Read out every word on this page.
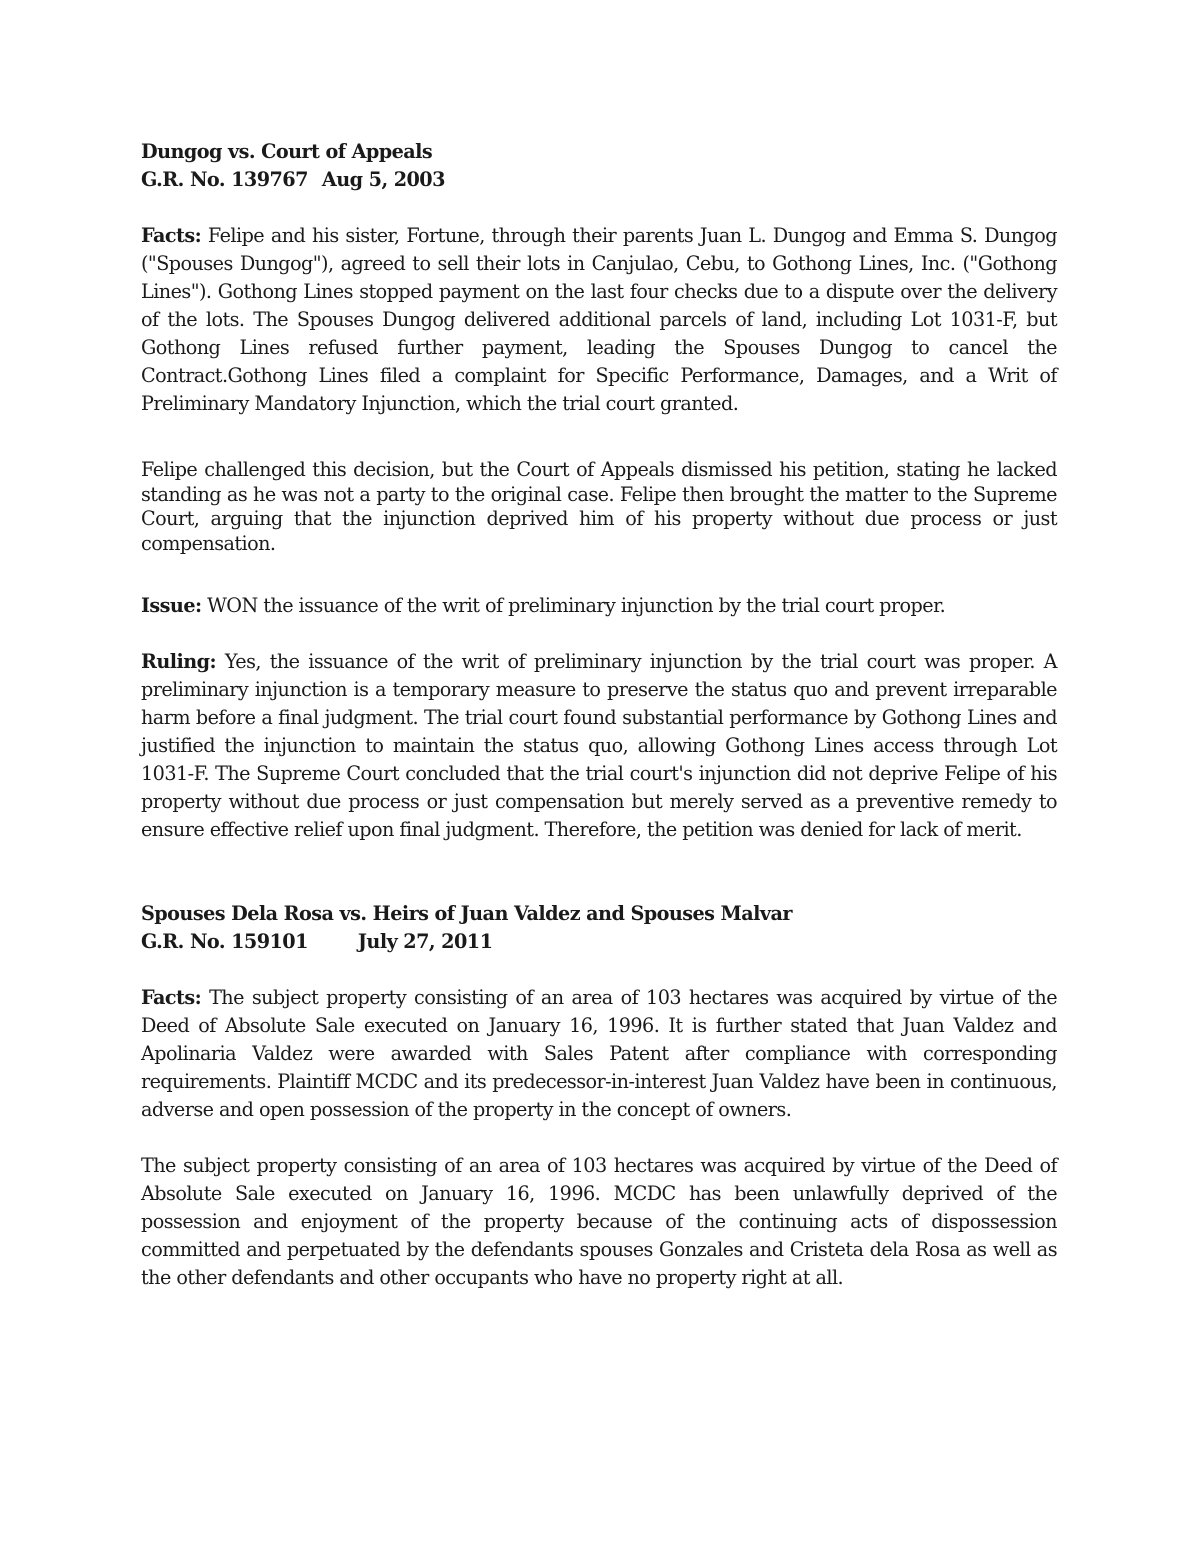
Dungog vs. Court of Appeals

G.R. No. 139767 Aug 5, 2003

Facts: Felipe and his sister, Fortune, through their parents Juan L. Dungog and Emma S. Dungog ("Spouses Dungog"), agreed to sell their lots in Canjulao, Cebu, to Gothong Lines, Inc. ("Gothong Lines"). Gothong Lines stopped payment on the last four checks due to a dispute over the delivery of the lots. The Spouses Dungog delivered additional parcels of land, including Lot 1031-F, but Gothong Lines refused further payment, leading the Spouses Dungog to cancel the Contract.Gothong Lines filed a complaint for Specific Performance, Damages, and a Writ of Preliminary Mandatory Injunction, which the trial court granted.

Felipe challenged this decision, but the Court of Appeals dismissed his petition, stating he lacked standing as he was not a party to the original case. Felipe then brought the matter to the Supreme Court, arguing that the injunction deprived him of his property without due process or just compensation.

Issue: WON the issuance of the writ of preliminary injunction by the trial court proper.

Ruling: Yes, the issuance of the writ of preliminary injunction by the trial court was proper. A preliminary injunction is a temporary measure to preserve the status quo and prevent irreparable harm before a final judgment. The trial court found substantial performance by Gothong Lines and justified the injunction to maintain the status quo, allowing Gothong Lines access through Lot 1031-F. The Supreme Court concluded that the trial court's injunction did not deprive Felipe of his property without due process or just compensation but merely served as a preventive remedy to ensure effective relief upon final judgment. Therefore, the petition was denied for lack of merit.

Spouses Dela Rosa vs. Heirs of Juan Valdez and Spouses Malvar

G.R. No. 159101	July 27, 2011

Facts: The subject property consisting of an area of 103 hectares was acquired by virtue of the Deed of Absolute Sale executed on January 16, 1996. It is further stated that Juan Valdez and Apolinaria Valdez were awarded with Sales Patent after compliance with corresponding requirements. Plaintiff MCDC and its predecessor-in-interest Juan Valdez have been in continuous, adverse and open possession of the property in the concept of owners.

The subject property consisting of an area of 103 hectares was acquired by virtue of the Deed of Absolute Sale executed on January 16, 1996. MCDC has been unlawfully deprived of the possession and enjoyment of the property because of the continuing acts of dispossession committed and perpetuated by the defendants spouses Gonzales and Cristeta dela Rosa as well as the other defendants and other occupants who have no property right at all.
